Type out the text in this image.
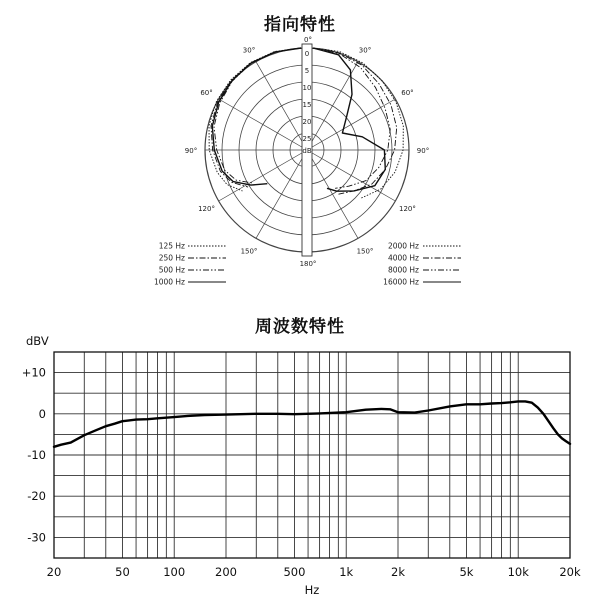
指向特性
周波数特性
0
5
10
15
20
25
dB
30°
60°
90°
120°
150°
30°
60°
90°
120°
150°
0°
180°
125 Hz
250 Hz
500 Hz
1000 Hz
2000 Hz
4000 Hz
8000 Hz
16000 Hz
+10
0
-10
-20
-30
20	50	100	200	500	1k	2k	5k	10k	20k
dBV
Hz
